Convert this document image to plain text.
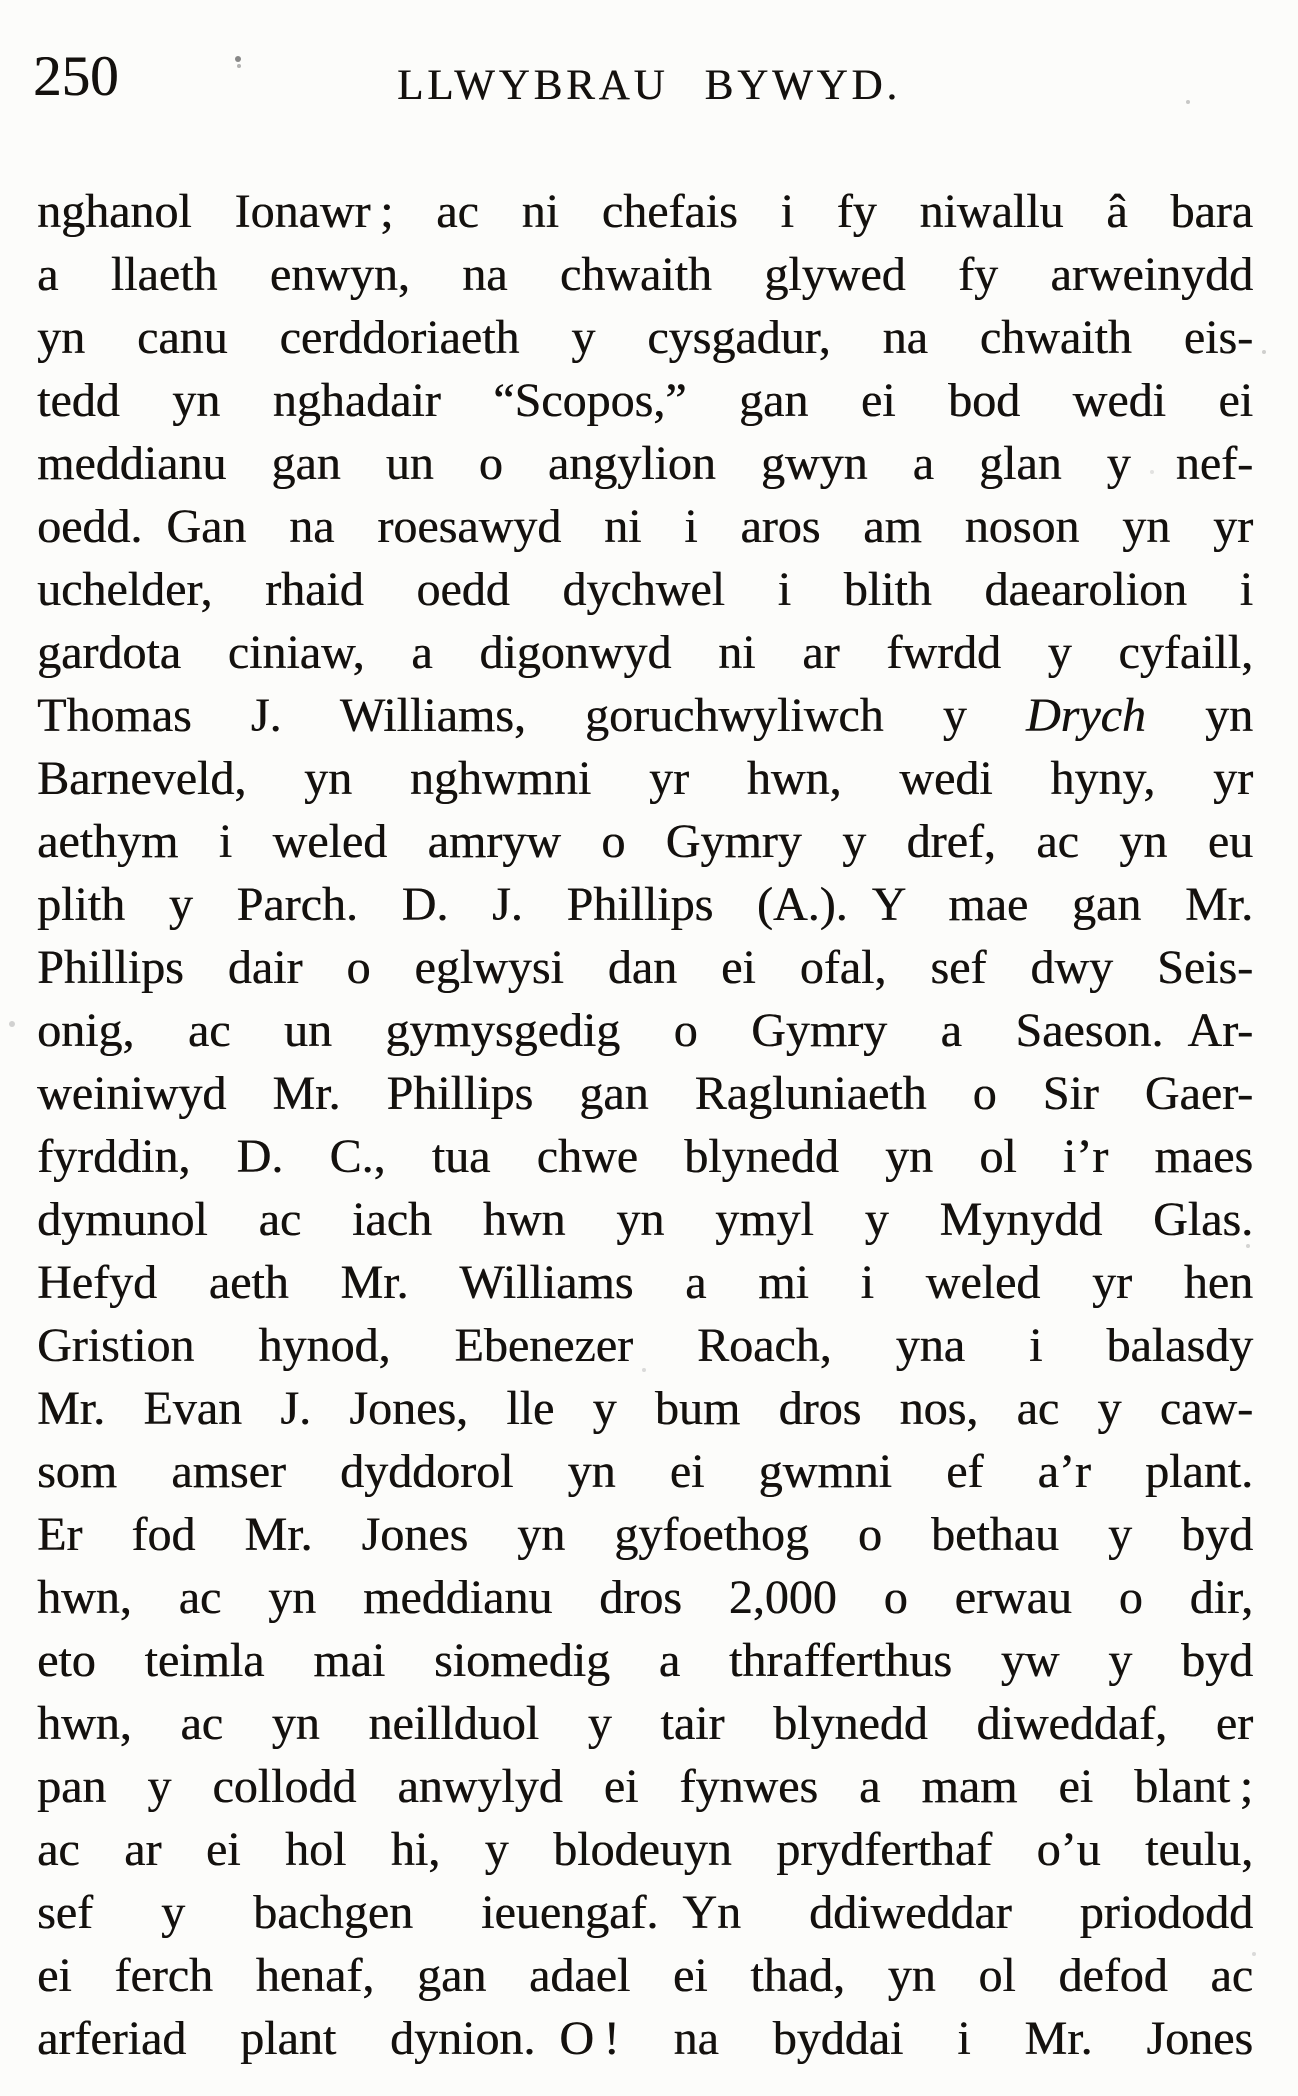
250	LLWYBRAU BYWYD.
nghanol Ionawr ; ac ni chefais i fy niwallu â bara
a llaeth enwyn, na chwaith glywed fy arweinydd
yn canu cerddoriaeth y cysgadur, na chwaith eis-
tedd yn nghadair “Scopos,” gan ei bod wedi ei
meddianu gan un o angylion gwyn a glan y nef-
oedd. Gan na roesawyd ni i aros am noson yn yr
uchelder, rhaid oedd dychwel i blith daearolion i
gardota ciniaw, a digonwyd ni ar fwrdd y cyfaill,
Thomas J. Williams, goruchwyliwch y Drych yn
Barneveld, yn nghwmni yr hwn, wedi hyny, yr
aethym i weled amryw o Gymry y dref, ac yn eu
plith y Parch. D. J. Phillips (A.). Y mae gan Mr.
Phillips dair o eglwysi dan ei ofal, sef dwy Seis-
onig, ac un gymysgedig o Gymry a Saeson. Ar-
weiniwyd Mr. Phillips gan Ragluniaeth o Sir Gaer-
fyrddin, D. C., tua chwe blynedd yn ol i’r maes
dymunol ac iach hwn yn ymyl y Mynydd Glas.
Hefyd aeth Mr. Williams a mi i weled yr hen
Gristion hynod, Ebenezer Roach, yna i balasdy
Mr. Evan J. Jones, lle y bum dros nos, ac y caw-
som amser dyddorol yn ei gwmni ef a’r plant.
Er fod Mr. Jones yn gyfoethog o bethau y byd
hwn, ac yn meddianu dros 2,000 o erwau o dir,
eto teimla mai siomedig a thrafferthus yw y byd
hwn, ac yn neillduol y tair blynedd diweddaf, er
pan y collodd anwylyd ei fynwes a mam ei blant ;
ac ar ei hol hi, y blodeuyn prydferthaf o’u teulu,
sef y bachgen ieuengaf. Yn ddiweddar priododd
ei ferch henaf, gan adael ei thad, yn ol defod ac
arferiad plant dynion. O ! na byddai i Mr. Jones
